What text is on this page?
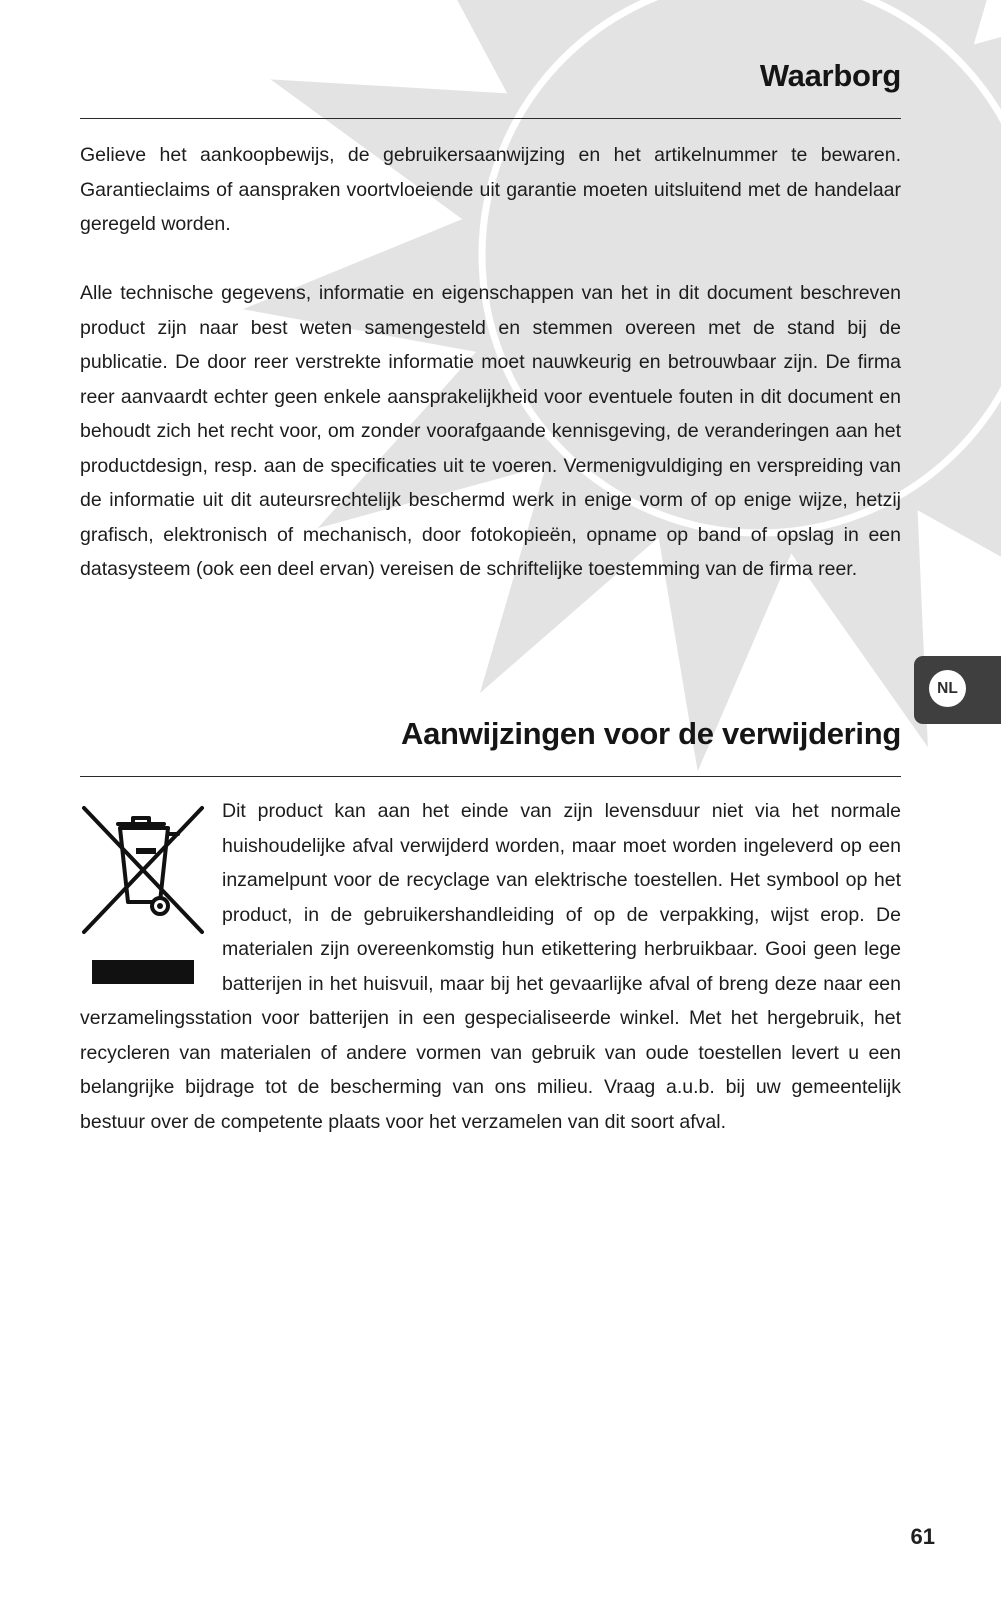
Waarborg

Gelieve het aankoopbewijs, de gebruikersaanwijzing en het artikelnummer te bewaren. Garantieclaims of aanspraken voortvloeiende uit garantie moeten uitsluitend met de handelaar geregeld worden.

Alle technische gegevens, informatie en eigenschappen van het in dit document beschreven product zijn naar best weten samengesteld en stemmen overeen met de stand bij de publicatie. De door reer verstrekte informatie moet nauwkeurig en betrouwbaar zijn. De firma reer aanvaardt echter geen enkele aansprakelijkheid voor eventuele fouten in dit document en behoudt zich het recht voor, om zonder voorafgaande kennisgeving, de veranderingen aan het productdesign, resp. aan de specificaties uit te voeren. Vermenigvuldiging en verspreiding van de informatie uit dit auteursrechtelijk beschermd werk in enige vorm of op enige wijze, hetzij grafisch, elektronisch of mechanisch, door fotokopieën, opname op band of opslag in een datasysteem (ook een deel ervan) vereisen de schriftelijke toestemming van de firma reer.

NL
Aanwijzingen voor de verwijdering
Dit product kan aan het einde van zijn levensduur niet via het normale huishoudelijke afval verwijderd worden, maar moet worden ingeleverd op een inzamelpunt voor de recyclage van elektrische toestellen. Het symbool op het product, in de gebruikershandleiding of op de verpakking, wijst erop. De materialen zijn overeenkomstig hun etikettering herbruikbaar. Gooi geen lege batterijen in het huisvuil, maar bij het gevaarlijke afval of breng deze naar een verzamelingsstation voor batterijen in een gespecialiseerde winkel. Met het hergebruik, het recycleren van materialen of andere vormen van gebruik van oude toestellen levert u een belangrijke bijdrage tot de bescherming van ons milieu. Vraag a.u.b. bij uw gemeentelijk bestuur over de competente plaats voor het verzamelen van dit soort afval.

61
